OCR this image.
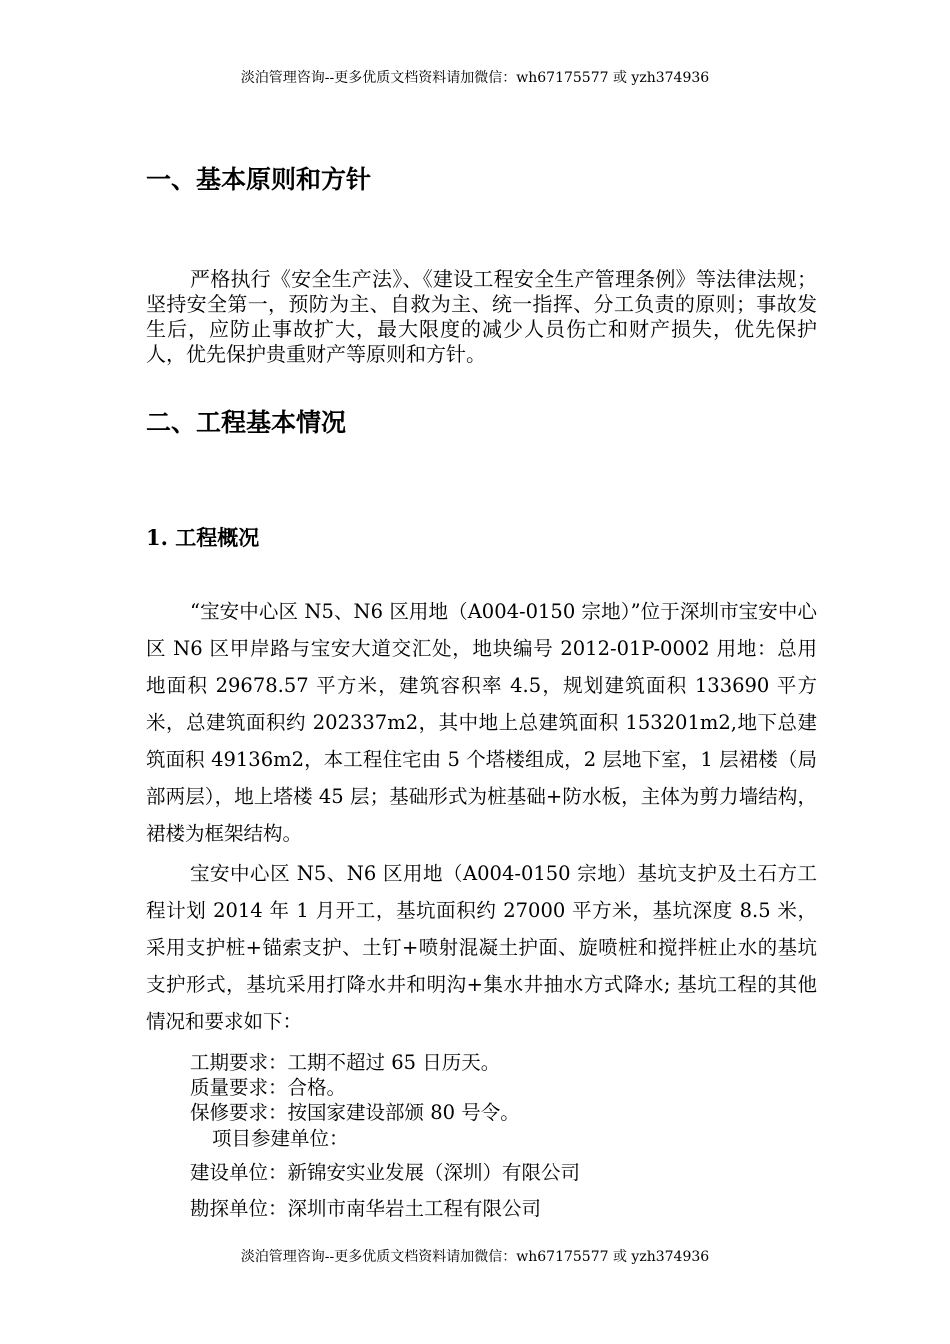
淡泊管理咨询--更多优质文档资料请加微信：wh67175577 或 yzh374936
一、基本原则和方针

严格执行《安全生产法》、《建设工程安全生产管理条例》等法律法规；坚持安全第一，预防为主、自救为主、统一指挥、分工负责的原则；事故发生后，应防止事故扩大，最大限度的减少人员伤亡和财产损失，优先保护人，优先保护贵重财产等原则和方针。

二、工程基本情况
1. 工程概况

“宝安中心区 N5、N6 区用地（A004-0150 宗地）”位于深圳市宝安中心区 N6 区甲岸路与宝安大道交汇处，地块编号 2012-01P-0002 用地：总用地面积 29678.57 平方米，建筑容积率 4.5，规划建筑面积 133690 平方米，总建筑面积约 202337m2，其中地上总建筑面积 153201m2,地下总建筑面积 49136m2，本工程住宅由 5 个塔楼组成，2 层地下室，1 层裙楼（局部两层），地上塔楼 45 层；基础形式为桩基础+防水板，主体为剪力墙结构，裙楼为框架结构。

宝安中心区 N5、N6 区用地（A004-0150 宗地）基坑支护及土石方工程计划 2014 年 1 月开工，基坑面积约 27000 平方米，基坑深度 8.5 米，采用支护桩+锚索支护、土钉+喷射混凝土护面、旋喷桩和搅拌桩止水的基坑支护形式，基坑采用打降水井和明沟+集水井抽水方式降水; 基坑工程的其他情况和要求如下：

工期要求：工期不超过 65 日历天。
质量要求：合格。
保修要求：按国家建设部颁 80 号令。
项目参建单位：
建设单位：新锦安实业发展（深圳）有限公司
勘探单位：深圳市南华岩土工程有限公司
淡泊管理咨询--更多优质文档资料请加微信：wh67175577 或 yzh374936
